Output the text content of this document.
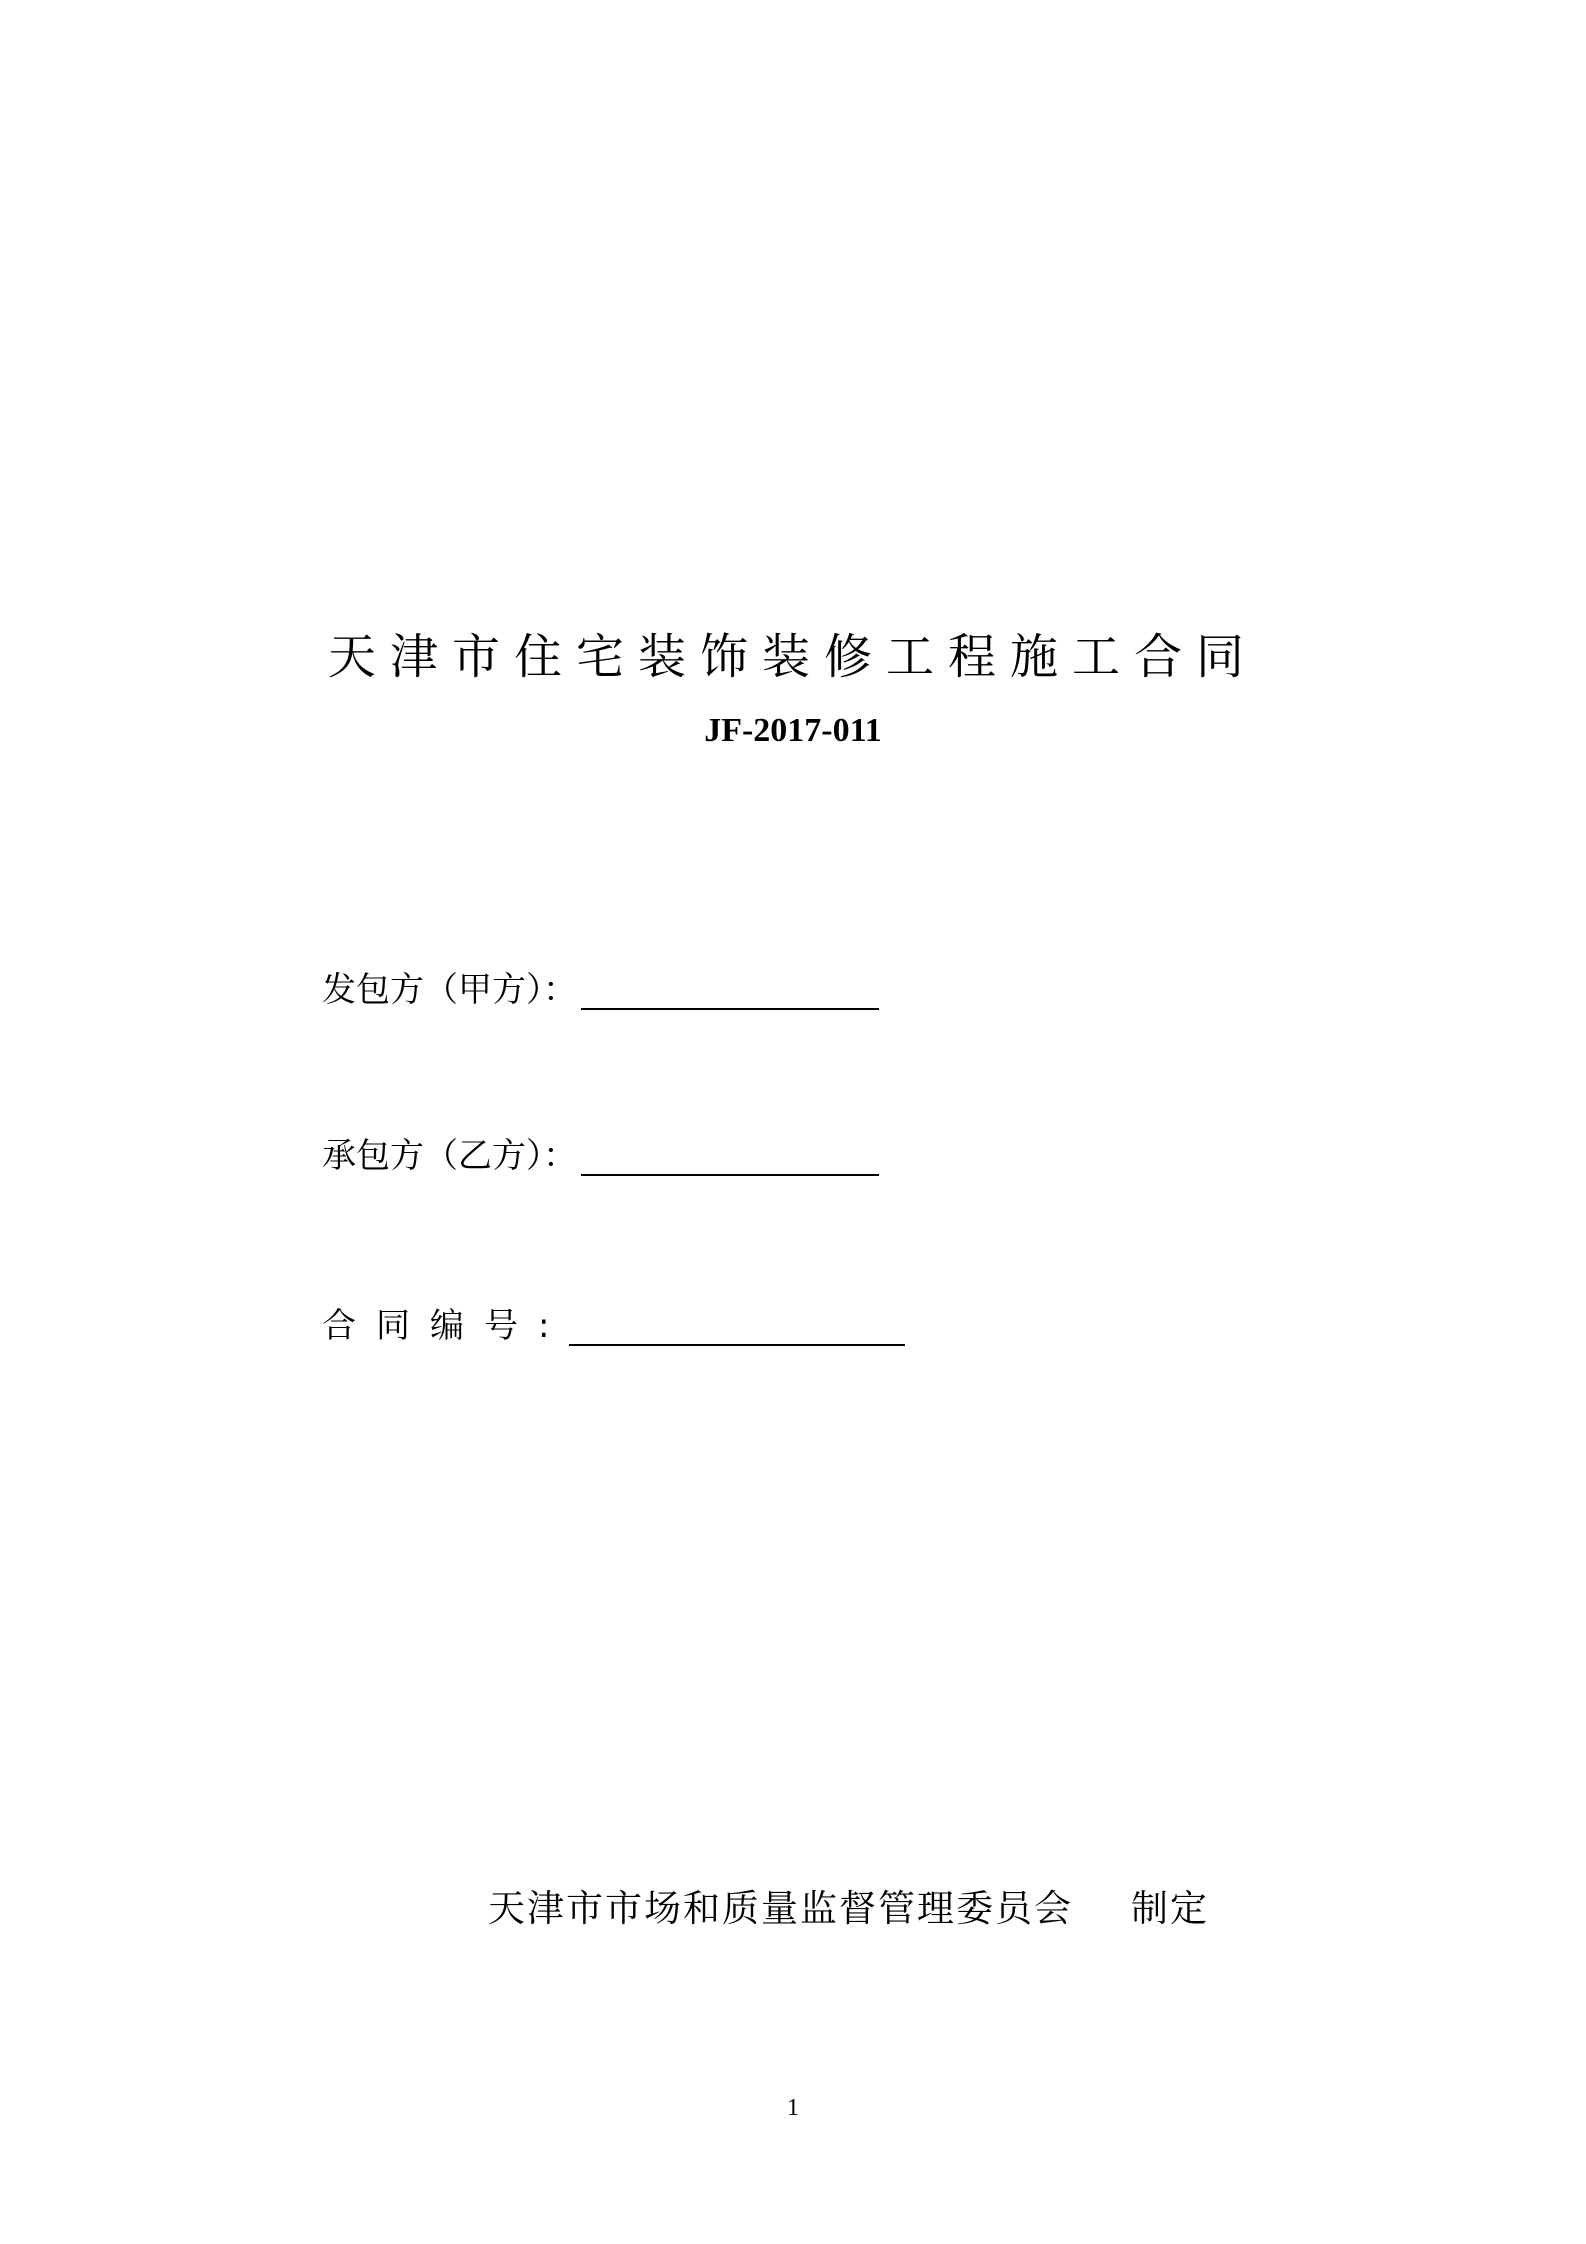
天津市住宅装饰装修工程施工合同
JF-2017-011
发包方（甲方）：
承包方（乙方）：
合同编号:
天津市市场和质量监督管理委员会 制定
1
